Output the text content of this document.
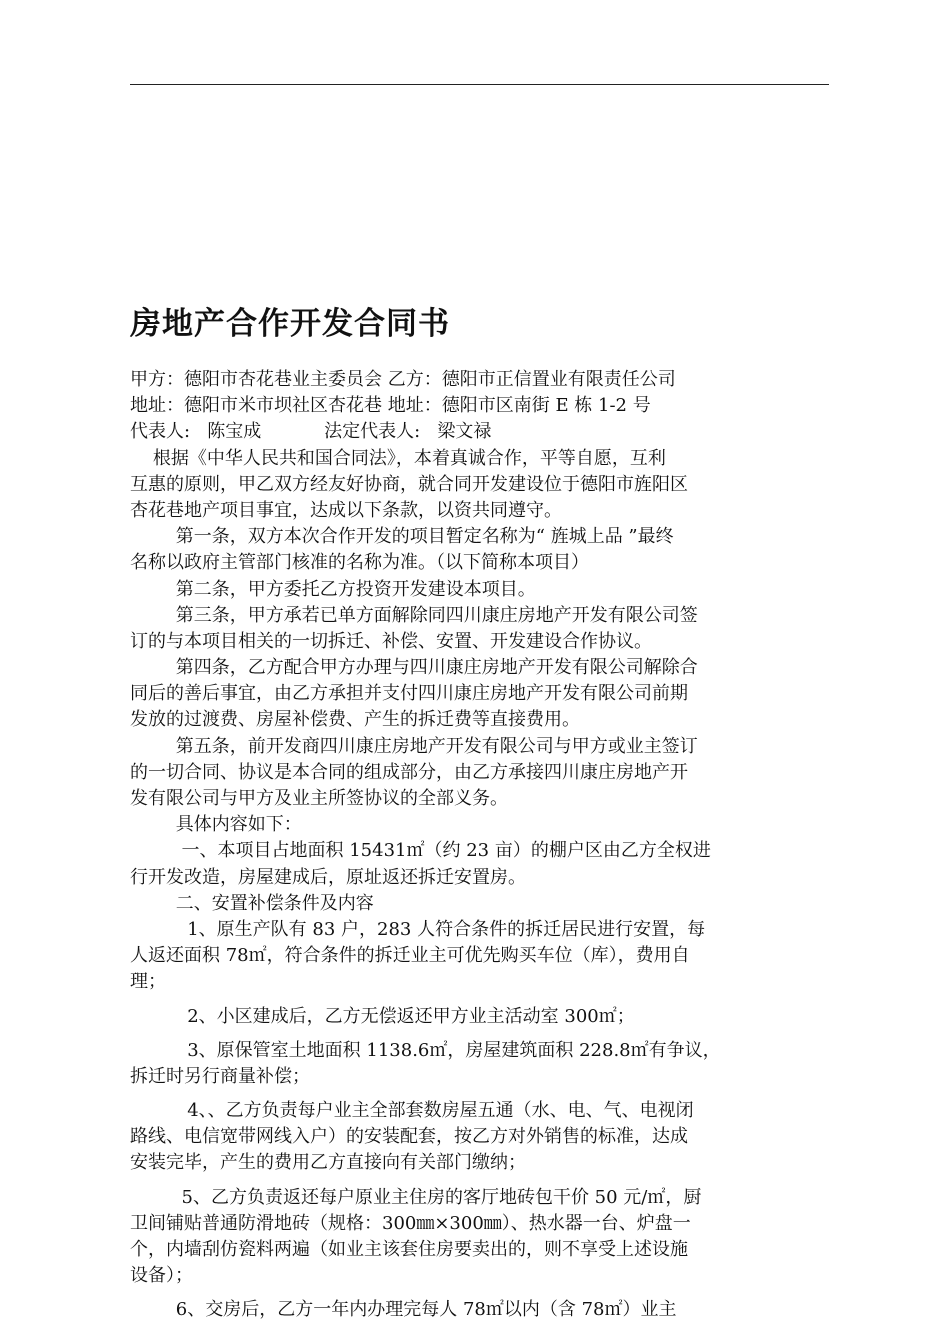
房地产合作开发合同书
甲方：德阳市杏花巷业主委员会 乙方：德阳市正信置业有限责任公司
地址：德阳市米市坝社区杏花巷 地址：德阳市区南街 E 栋 1-2 号
代表人:   陈宝成           法定代表人:   梁文禄
根据《中华人民共和国合同法》，本着真诚合作，平等自愿，互利
互惠的原则，甲乙双方经友好协商，就合同开发建设位于德阳市旌阳区
杏花巷地产项目事宜，达成以下条款，以资共同遵守。
第一条，双方本次合作开发的项目暂定名称为“ 旌城上品 ”最终
名称以政府主管部门核准的名称为准。（以下简称本项目）
第二条，甲方委托乙方投资开发建设本项目。
第三条，甲方承若已单方面解除同四川康庄房地产开发有限公司签
订的与本项目相关的一切拆迁、补偿、安置、开发建设合作协议。
第四条，乙方配合甲方办理与四川康庄房地产开发有限公司解除合
同后的善后事宜，由乙方承担并支付四川康庄房地产开发有限公司前期
发放的过渡费、房屋补偿费、产生的拆迁费等直接费用。
第五条，前开发商四川康庄房地产开发有限公司与甲方或业主签订
的一切合同、协议是本合同的组成部分，由乙方承接四川康庄房地产开
发有限公司与甲方及业主所签协议的全部义务。
具体内容如下：
一、本项目占地面积 15431㎡（约 23 亩）的棚户区由乙方全权进
行开发改造，房屋建成后，原址返还拆迁安置房。
二、安置补偿条件及内容
1、原生产队有 83 户，283 人符合条件的拆迁居民进行安置，每
人返还面积 78㎡，符合条件的拆迁业主可优先购买车位（库），费用自
理；
2、小区建成后，乙方无偿返还甲方业主活动室 300㎡；
3、原保管室土地面积 1138.6㎡，房屋建筑面积 228.8㎡有争议，
拆迁时另行商量补偿；
4、、乙方负责每户业主全部套数房屋五通（水、电、气、电视闭
路线、电信宽带网线入户）的安装配套，按乙方对外销售的标准，达成
安装完毕，产生的费用乙方直接向有关部门缴纳；
5、乙方负责返还每户原业主住房的客厅地砖包干价 50 元/㎡，厨
卫间铺贴普通防滑地砖（规格：300㎜×300㎜）、热水器一台、炉盘一
个，内墙刮仿瓷料两遍（如业主该套住房要卖出的，则不享受上述设施
设备）；
6、交房后，乙方一年内办理完每人 78㎡以内（含 78㎡）业主
